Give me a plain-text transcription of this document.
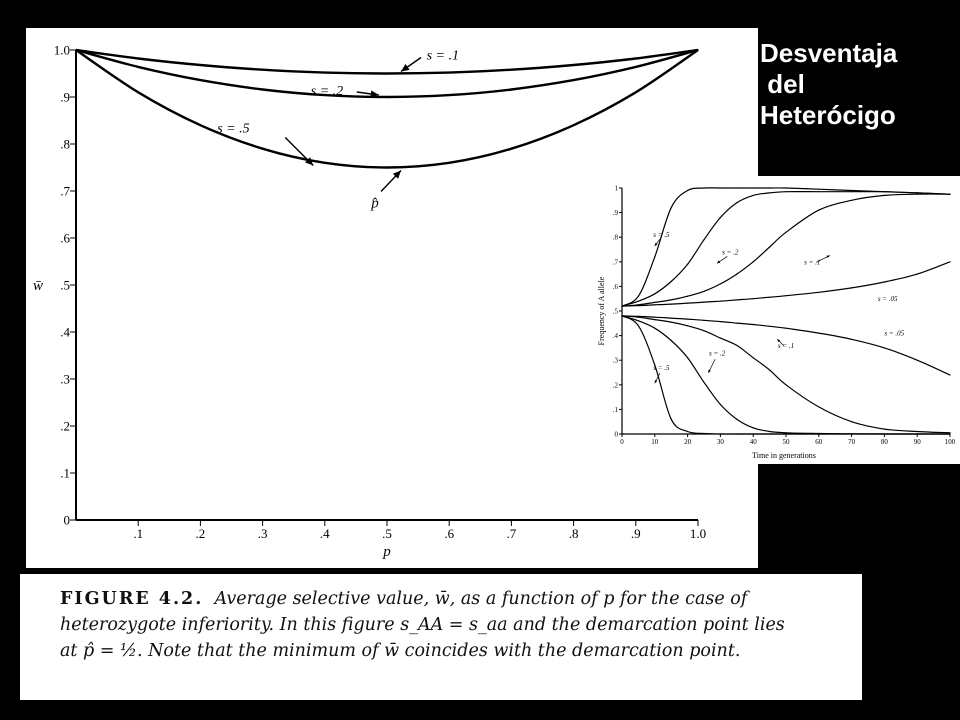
Desventaja
del
Heterócigo
.1	.2	.3	.4	.5	.6	.7	.8	.9	1.0
0
.1
.2
.3
.4
.5
.6
.7
.8
.9
1.0
p
w̄
s = .1
s = .2
s = .5
p̂
0	10	20	30	40	50	60	70	80	90	100
0
.1
.2
.3
.4
.5
.6
.7
.8
.9
1
Time in generations
Frequency of A allele
s = .5
s = .2
s = .1
s = .05
s = .05
s = .1
s = .2
s = .5

FIGURE 4.2. Average selective value, w̄, as a function of p for the case of
heterozygote inferiority. In this figure s_AA = s_aa and the demarcation point lies
at p̂ = ½. Note that the minimum of w̄ coincides with the demarcation point.
